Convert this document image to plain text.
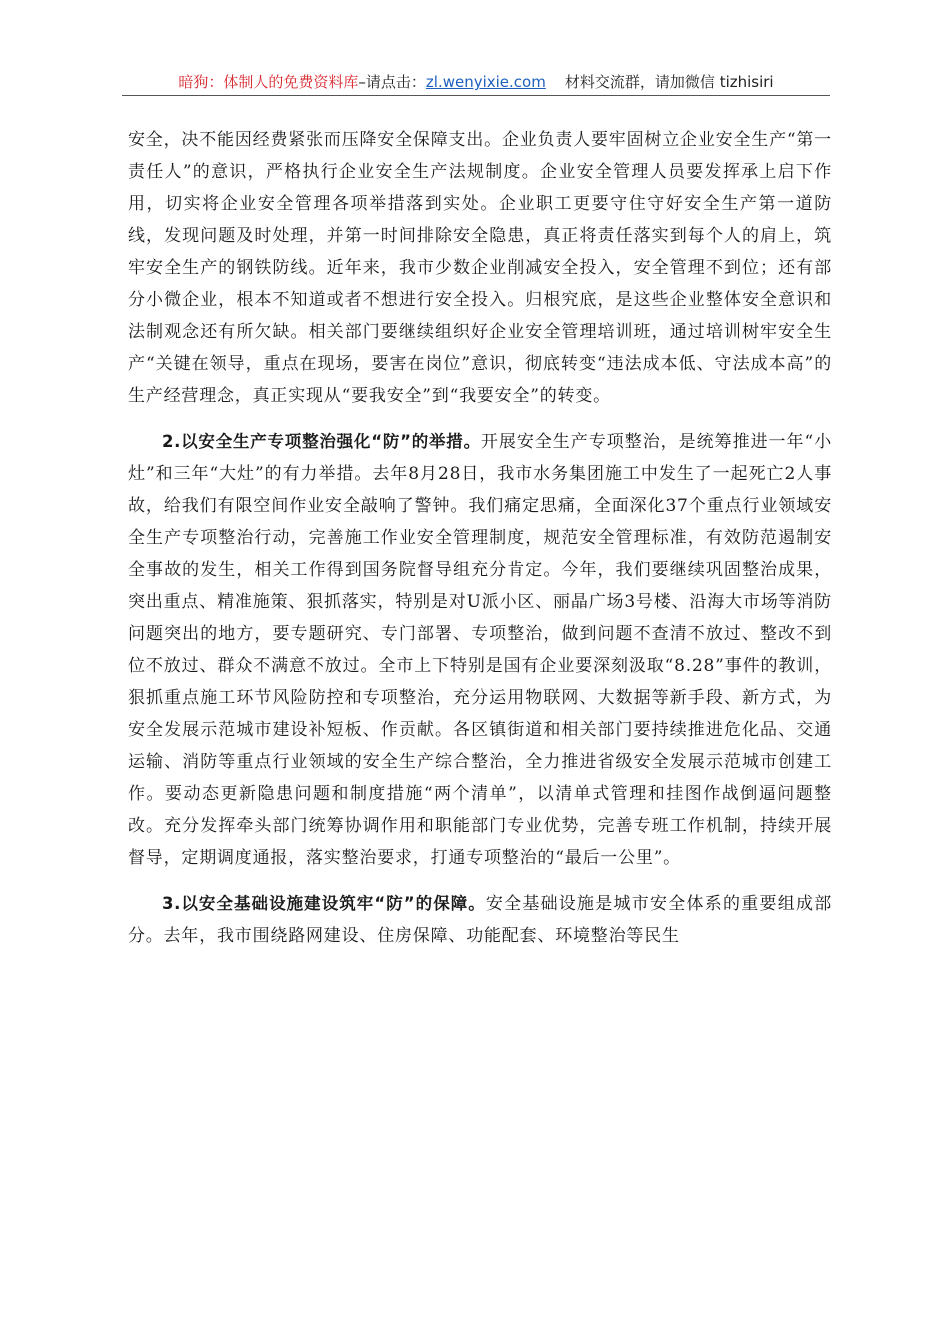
暗狗：体制人的免费资料库–请点击：zl.wenyixie.com 材料交流群，请加微信 tizhisiri

安全，决不能因经费紧张而压降安全保障支出。企业负责人要牢固树立企业安全生产“第一责任人”的意识，严格执行企业安全生产法规制度。企业安全管理人员要发挥承上启下作用，切实将企业安全管理各项举措落到实处。企业职工更要守住守好安全生产第一道防线，发现问题及时处理，并第一时间排除安全隐患，真正将责任落实到每个人的肩上，筑牢安全生产的钢铁防线。近年来，我市少数企业削减安全投入，安全管理不到位；还有部分小微企业，根本不知道或者不想进行安全投入。归根究底，是这些企业整体安全意识和法制观念还有所欠缺。相关部门要继续组织好企业安全管理培训班，通过培训树牢安全生产“关键在领导，重点在现场，要害在岗位”意识，彻底转变“违法成本低、守法成本高”的生产经营理念，真正实现从“要我安全”到“我要安全”的转变。

2.以安全生产专项整治强化“防”的举措。开展安全生产专项整治，是统筹推进一年“小灶”和三年“大灶”的有力举措。去年8月28日，我市水务集团施工中发生了一起死亡2人事故，给我们有限空间作业安全敲响了警钟。我们痛定思痛，全面深化37个重点行业领域安全生产专项整治行动，完善施工作业安全管理制度，规范安全管理标准，有效防范遏制安全事故的发生，相关工作得到国务院督导组充分肯定。今年，我们要继续巩固整治成果，突出重点、精准施策、狠抓落实，特别是对U派小区、丽晶广场3号楼、沿海大市场等消防问题突出的地方，要专题研究、专门部署、专项整治，做到问题不查清不放过、整改不到位不放过、群众不满意不放过。全市上下特别是国有企业要深刻汲取“8.28”事件的教训，狠抓重点施工环节风险防控和专项整治，充分运用物联网、大数据等新手段、新方式，为安全发展示范城市建设补短板、作贡献。各区镇街道和相关部门要持续推进危化品、交通运输、消防等重点行业领域的安全生产综合整治，全力推进省级安全发展示范城市创建工作。要动态更新隐患问题和制度措施“两个清单”，以清单式管理和挂图作战倒逼问题整改。充分发挥牵头部门统筹协调作用和职能部门专业优势，完善专班工作机制，持续开展督导，定期调度通报，落实整治要求，打通专项整治的“最后一公里”。

3.以安全基础设施建设筑牢“防”的保障。安全基础设施是城市安全体系的重要组成部分。去年，我市围绕路网建设、住房保障、功能配套、环境整治等民生
